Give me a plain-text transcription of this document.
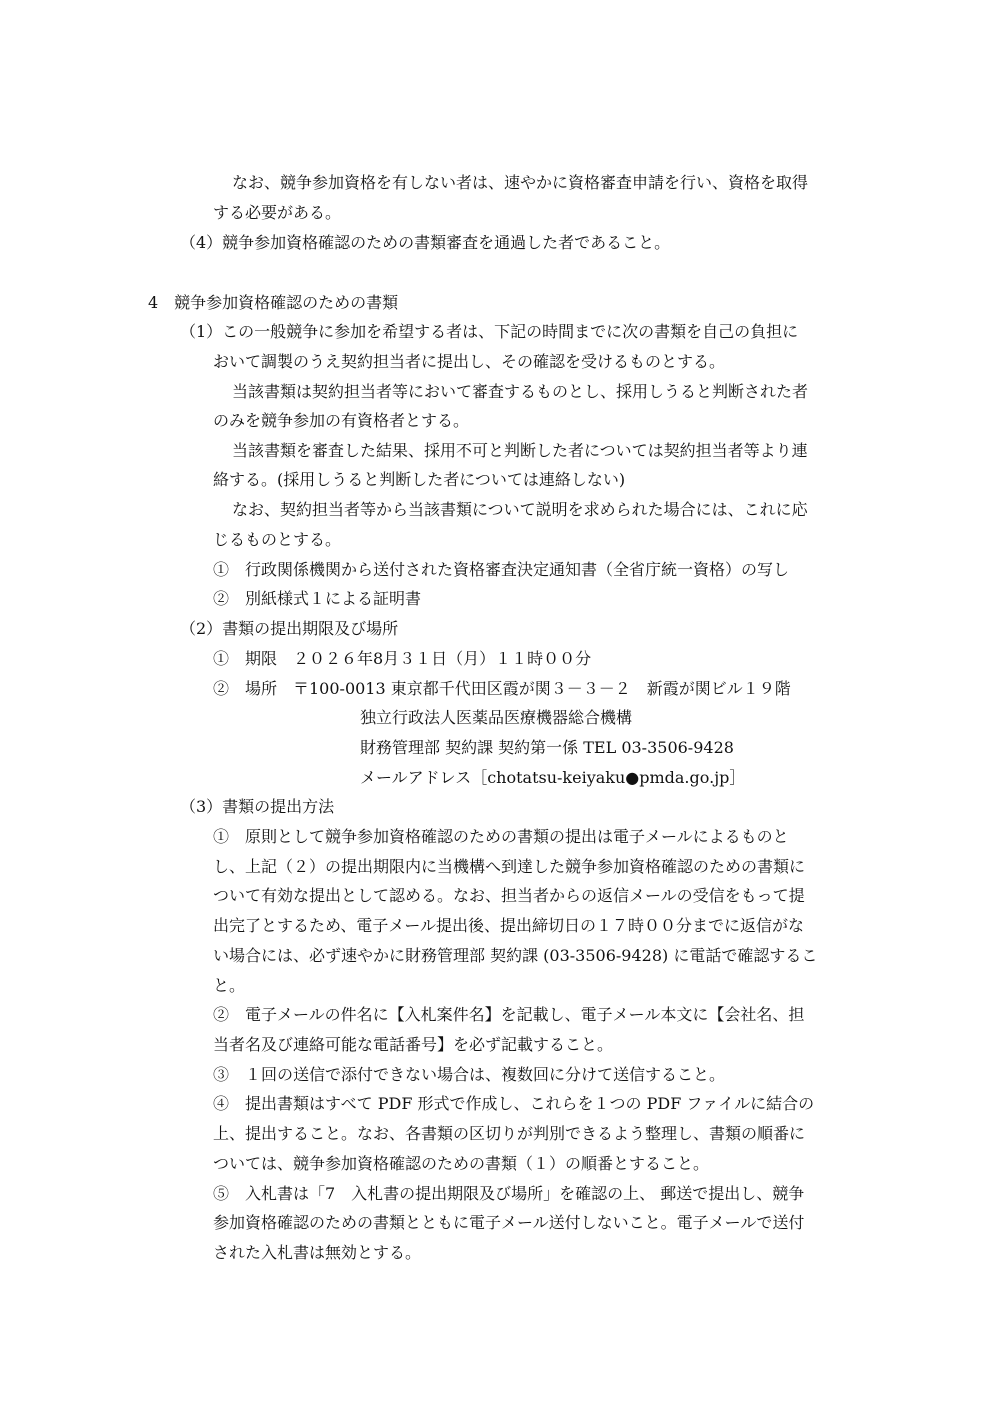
なお、競争参加資格を有しない者は、速やかに資格審査申請を行い、資格を取得
する必要がある。
（4）競争参加資格確認のための書類審査を通過した者であること。
4　競争参加資格確認のための書類
（1）この一般競争に参加を希望する者は、下記の時間までに次の書類を自己の負担に
おいて調製のうえ契約担当者に提出し、その確認を受けるものとする。
当該書類は契約担当者等において審査するものとし、採用しうると判断された者
のみを競争参加の有資格者とする。
当該書類を審査した結果、採用不可と判断した者については契約担当者等より連
絡する。(採用しうると判断した者については連絡しない)
なお、契約担当者等から当該書類について説明を求められた場合には、これに応
じるものとする。
①　行政関係機関から送付された資格審査決定通知書（全省庁統一資格）の写し
②　別紙様式１による証明書
（2）書類の提出期限及び場所
①　期限　２０２６年8月３１日（月）１１時００分
②　場所　〒100-0013 東京都千代田区霞が関３－３－２　新霞が関ビル１９階
独立行政法人医薬品医療機器総合機構
財務管理部 契約課 契約第一係 TEL 03-3506-9428
メールアドレス［chotatsu-keiyaku●pmda.go.jp］
（3）書類の提出方法
①　原則として競争参加資格確認のための書類の提出は電子メールによるものと
し、上記（２）の提出期限内に当機構へ到達した競争参加資格確認のための書類に
ついて有効な提出として認める。なお、担当者からの返信メールの受信をもって提
出完了とするため、電子メール提出後、提出締切日の１７時００分までに返信がな
い場合には、必ず速やかに財務管理部 契約課 (03-3506-9428) に電話で確認するこ
と。
②　電子メールの件名に【入札案件名】を記載し、電子メール本文に【会社名、担
当者名及び連絡可能な電話番号】を必ず記載すること。
③　１回の送信で添付できない場合は、複数回に分けて送信すること。
④　提出書類はすべて PDF 形式で作成し、これらを１つの PDF ファイルに結合の
上、提出すること。なお、各書類の区切りが判別できるよう整理し、書類の順番に
ついては、競争参加資格確認のための書類（１）の順番とすること。
⑤　入札書は「7　入札書の提出期限及び場所」を確認の上、 郵送で提出し、競争
参加資格確認のための書類とともに電子メール送付しないこと。電子メールで送付
された入札書は無効とする。
